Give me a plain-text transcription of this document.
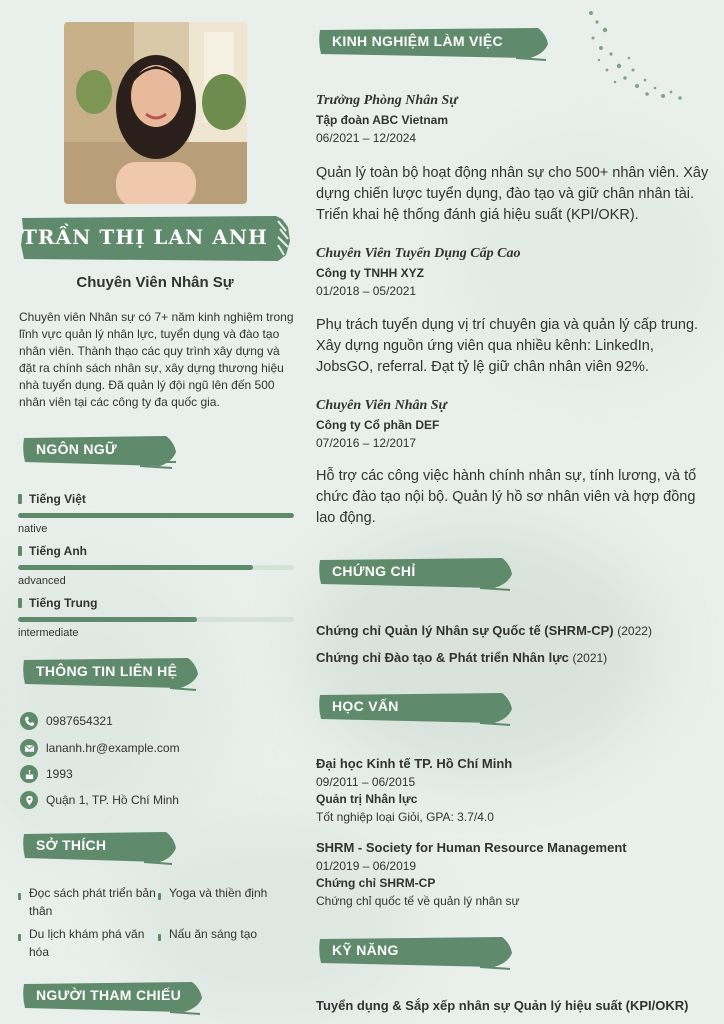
TRẦN THỊ LAN ANH
Chuyên Viên Nhân Sự
Chuyên viên Nhân sự có 7+ năm kinh nghiệm trong lĩnh vực quản lý nhân lực, tuyển dụng và đào tạo nhân viên. Thành thạo các quy trình xây dựng và đặt ra chính sách nhân sự, xây dựng thương hiệu nhà tuyển dụng. Đã quản lý đội ngũ lên đến 500 nhân viên tại các công ty đa quốc gia.
NGÔN NGỮ
Tiếng Việt
native
Tiếng Anh
advanced
Tiếng Trung
intermediate
THÔNG TIN LIÊN HỆ
0987654321
lananh.hr@example.com
1993
Quận 1, TP. Hồ Chí Minh
SỞ THÍCH
Đọc sách phát triển bản thân
Yoga và thiền định
Du lịch khám phá văn hóa
Nấu ăn sáng tạo
NGƯỜI THAM CHIẾU
KINH NGHIỆM LÀM VIỆC
Trưởng Phòng Nhân Sự
Tập đoàn ABC Vietnam
06/2021 – 12/2024
Quản lý toàn bộ hoạt động nhân sự cho 500+ nhân viên. Xây dựng chiến lược tuyển dụng, đào tạo và giữ chân nhân tài. Triển khai hệ thống đánh giá hiệu suất (KPI/OKR).
Chuyên Viên Tuyển Dụng Cấp Cao
Công ty TNHH XYZ
01/2018 – 05/2021
Phụ trách tuyển dụng vị trí chuyên gia và quản lý cấp trung. Xây dựng nguồn ứng viên qua nhiều kênh: LinkedIn, JobsGO, referral. Đạt tỷ lệ giữ chân nhân viên 92%.
Chuyên Viên Nhân Sự
Công ty Cổ phần DEF
07/2016 – 12/2017
Hỗ trợ các công việc hành chính nhân sự, tính lương, và tổ chức đào tạo nội bộ. Quản lý hồ sơ nhân viên và hợp đồng lao động.
CHỨNG CHỈ
Chứng chỉ Quản lý Nhân sự Quốc tế (SHRM-CP) (2022)
Chứng chỉ Đào tạo & Phát triển Nhân lực (2021)
HỌC VẤN
Đại học Kinh tế TP. Hồ Chí Minh
09/2011 – 06/2015
Quản trị Nhân lực
Tốt nghiệp loại Giỏi, GPA: 3.7/4.0
SHRM - Society for Human Resource Management
01/2019 – 06/2019
Chứng chỉ SHRM-CP
Chứng chỉ quốc tế về quản lý nhân sự
KỸ NĂNG
Tuyển dụng & Sắp xếp nhân sự Quản lý hiệu suất (KPI/OKR)
